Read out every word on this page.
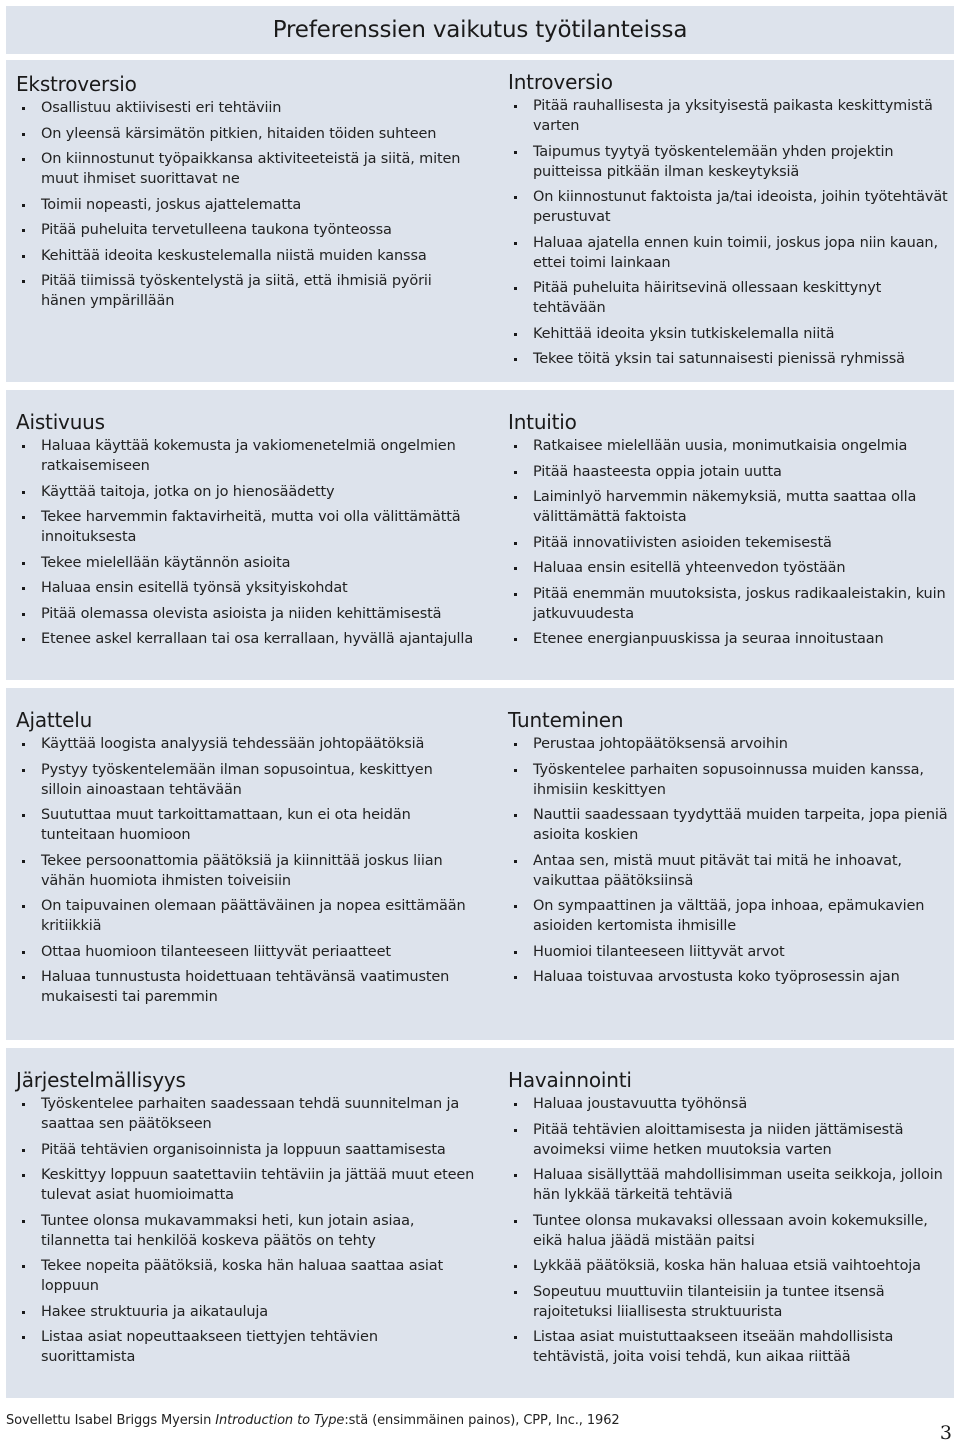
Preferenssien vaikutus työtilanteissa
Ekstroversio
Osallistuu aktiivisesti eri tehtäviin
On yleensä kärsimätön pitkien, hitaiden töiden suhteen
On kiinnostunut työpaikkansa aktiviteeteistä ja siitä, miten muut ihmiset suorittavat ne
Toimii nopeasti, joskus ajattelematta
Pitää puheluita tervetulleena taukona työnteossa
Kehittää ideoita keskustelemalla niistä muiden kanssa
Pitää tiimissä työskentelystä ja siitä, että ihmisiä pyörii hänen ympärillään
Introversio
Pitää rauhallisesta ja yksityisestä paikasta keskittymistä varten
Taipumus tyytyä työskentelemään yhden projektin puitteissa pitkään ilman keskeytyksiä
On kiinnostunut faktoista ja/tai ideoista, joihin työtehtävät perustuvat
Haluaa ajatella ennen kuin toimii, joskus jopa niin kauan, ettei toimi lainkaan
Pitää puheluita häiritsevinä ollessaan keskittynyt tehtävään
Kehittää ideoita yksin tutkiskelemalla niitä
Tekee töitä yksin tai satunnaisesti pienissä ryhmissä
Aistivuus
Haluaa käyttää kokemusta ja vakiomenetelmiä ongelmien ratkaisemiseen
Käyttää taitoja, jotka on jo hienosäädetty
Tekee harvemmin faktavirheitä, mutta voi olla välittämättä innoituksesta
Tekee mielellään käytännön asioita
Haluaa ensin esitellä työnsä yksityiskohdat
Pitää olemassa olevista asioista ja niiden kehittämisestä
Etenee askel kerrallaan tai osa kerrallaan, hyvällä ajantajulla
Intuitio
Ratkaisee mielellään uusia, monimutkaisia ongelmia
Pitää haasteesta oppia jotain uutta
Laiminlyö harvemmin näkemyksiä, mutta saattaa olla välittämättä faktoista
Pitää innovatiivisten asioiden tekemisestä
Haluaa ensin esitellä yhteenvedon työstään
Pitää enemmän muutoksista, joskus radikaaleistakin, kuin jatkuvuudesta
Etenee energianpuuskissa ja seuraa innoitustaan
Ajattelu
Käyttää loogista analyysiä tehdessään johtopäätöksiä
Pystyy työskentelemään ilman sopusointua, keskittyen silloin ainoastaan tehtävään
Suututtaa muut tarkoittamattaan, kun ei ota heidän tunteitaan huomioon
Tekee persoonattomia päätöksiä ja kiinnittää joskus liian vähän huomiota ihmisten toiveisiin
On taipuvainen olemaan päättäväinen ja nopea esittämään kritiikkiä
Ottaa huomioon tilanteeseen liittyvät periaatteet
Haluaa tunnustusta hoidettuaan tehtävänsä vaatimusten mukaisesti tai paremmin
Tunteminen
Perustaa johtopäätöksensä arvoihin
Työskentelee parhaiten sopusoinnussa muiden kanssa, ihmisiin keskittyen
Nauttii saadessaan tyydyttää muiden tarpeita, jopa pieniä asioita koskien
Antaa sen, mistä muut pitävät tai mitä he inhoavat, vaikuttaa päätöksiinsä
On sympaattinen ja välttää, jopa inhoaa, epämukavien asioiden kertomista ihmisille
Huomioi tilanteeseen liittyvät arvot
Haluaa toistuvaa arvostusta koko työprosessin ajan
Järjestelmällisyys
Työskentelee parhaiten saadessaan tehdä suunnitelman ja saattaa sen päätökseen
Pitää tehtävien organisoinnista ja loppuun saattamisesta
Keskittyy loppuun saatettaviin tehtäviin ja jättää muut eteen tulevat asiat huomioimatta
Tuntee olonsa mukavammaksi heti, kun jotain asiaa, tilannetta tai henkilöä koskeva päätös on tehty
Tekee nopeita päätöksiä, koska hän haluaa saattaa asiat loppuun
Hakee struktuuria ja aikatauluja
Listaa asiat nopeuttaakseen tiettyjen tehtävien suorittamista
Havainnointi
Haluaa joustavuutta työhönsä
Pitää tehtävien aloittamisesta ja niiden jättämisestä avoimeksi viime hetken muutoksia varten
Haluaa sisällyttää mahdollisimman useita seikkoja, jolloin hän lykkää tärkeitä tehtäviä
Tuntee olonsa mukavaksi ollessaan avoin kokemuksille, eikä halua jäädä mistään paitsi
Lykkää päätöksiä, koska hän haluaa etsiä vaihtoehtoja
Sopeutuu muuttuviin tilanteisiin ja tuntee itsensä rajoitetuksi liiallisesta struktuurista
Listaa asiat muistuttaakseen itseään mahdollisista tehtävistä, joita voisi tehdä, kun aikaa riittää
Sovellettu Isabel Briggs Myersin Introduction to Type:stä (ensimmäinen painos), CPP, Inc., 1962
3
